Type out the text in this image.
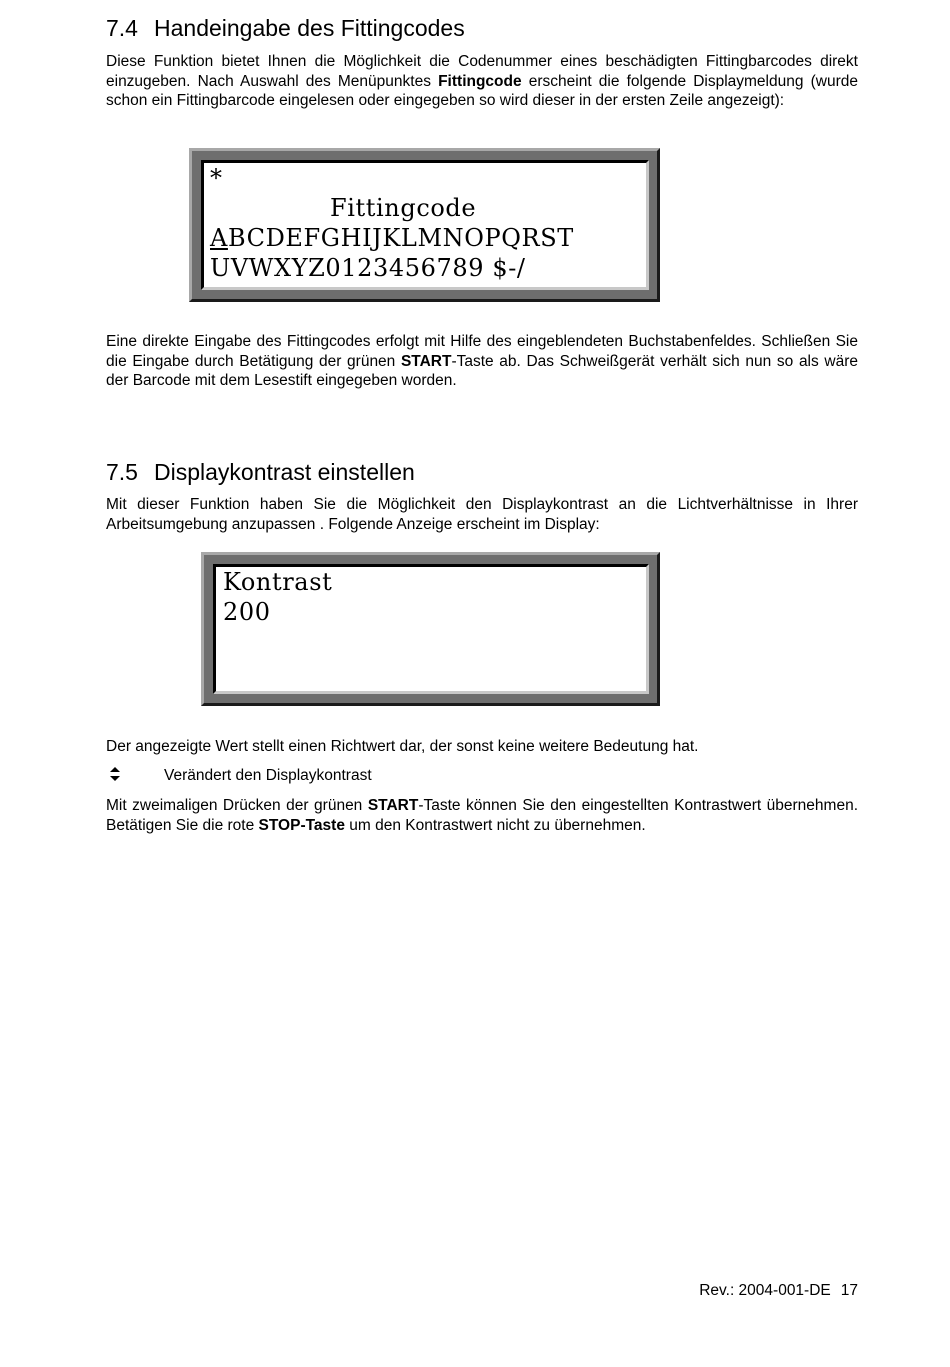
7.4 Handeingabe des Fittingcodes

Diese Funktion bietet Ihnen die Möglichkeit die Codenummer eines beschädigten Fittingbarcodes direkt einzugeben. Nach Auswahl des Menüpunktes Fittingcode erscheint die folgende Displaymeldung (wurde schon ein Fittingbarcode eingelesen oder eingegeben so wird dieser in der ersten Zeile angezeigt):

*
Fittingcode
ABCDEFGHIJKLMNOPQRST
UVWXYZ0123456789 $-/

Eine direkte Eingabe des Fittingcodes erfolgt mit Hilfe des eingeblendeten Buchstabenfeldes. Schließen Sie die Eingabe durch Betätigung der grünen START-Taste ab. Das Schweißgerät verhält sich nun so als wäre der Barcode mit dem Lesestift eingegeben worden.

7.5 Displaykontrast einstellen

Mit dieser Funktion haben Sie die Möglichkeit den Displaykontrast an die Lichtverhältnisse in Ihrer Arbeitsumgebung anzupassen . Folgende Anzeige erscheint im Display:

Kontrast
200

Der angezeigte Wert stellt einen Richtwert dar, der sonst keine weitere Bedeutung hat.

Verändert den Displaykontrast

Mit zweimaligen Drücken der grünen START-Taste können Sie den eingestellten Kontrastwert übernehmen. Betätigen Sie die rote STOP-Taste um den Kontrastwert nicht zu übernehmen.

Rev.: 2004-001-DE 17
